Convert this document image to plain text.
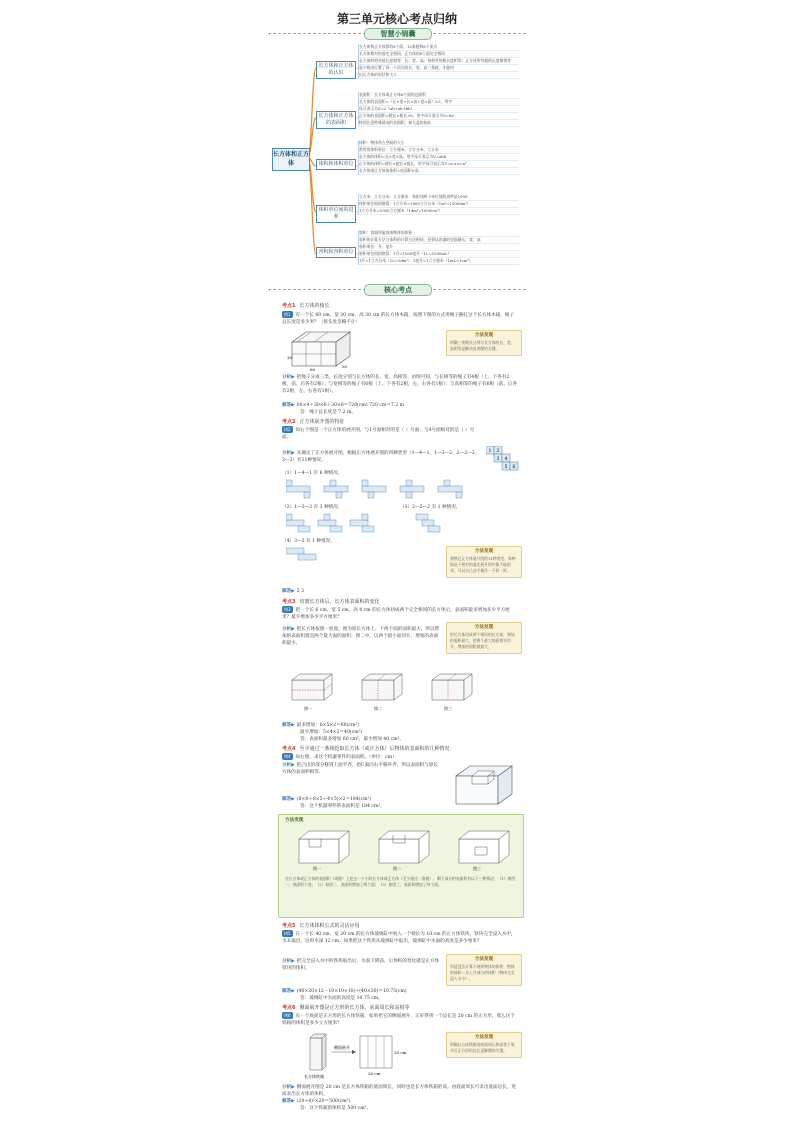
第三单元核心考点归纳
智慧小锦囊
长方体和正方体
长方体和正方体的认识
长方体和正方体都有6个面、12条棱和8个顶点
长方体相对的面完全相同，正方体的6个面完全相同
长方体的相对棱长度相等：长、宽、高。每相对的棱长度相等；正方体所有棱的长度都相等
是少数由位置了同一个顶点的长、宽、高三条棱，才能叫
出长方体的形状和大小
长方体和正方体的表面积
表面积：长方体或正方体6个面的总面积
长方体的表面积=（长×宽+长×高+宽×高）×2，用字
母可表示为S=2（ab+ah+bh）
正方体的表面积=棱长×棱长×6，用字母可表示为S=6a²
特别注意特殊情况的表面积，如无盖的鱼缸
体积和体积单位
体积：物体所占空间的大小
常用的体积单位：立方厘米、立方分米、立方米
长方体的体积=长×宽×高，用字母可表示为V=abh
正方体的体积=棱长×棱长×棱长，用字母可表示为V=a·a·a=a³
长方体或正方体的体积=底面积×高
体积单位间的进率
立方米、立方分米、立方厘米：每相邻两个单位间的进率是1000
体积单位间的换算：1立方米=1000立方分米（1m³=1000dm³）
1立方分米=1000立方厘米（1dm³=1000cm³）
容积和容积单位
容积：容器所能容纳物体的体积
容积的计算方法与体积的计算方法相同，但要从容器的里面量长、宽、高
容积单位：升、毫升
容积单位间的换算：1升=1000毫升（1L=1000mL）
1升=1立方分米（1L=1dm³） 1毫升=1立方厘米（1mL=1cm³）
核心考点
考点1 长方体的棱长
例1 有一个长 60 cm、宽 30 cm、高 30 cm 的长方体木箱，按照下图的方式用绳子捆扎这个长方体木箱，绳子总长度是多少米？（接头处忽略不计）
30
30
60
方法发现
明确三类绳长分别与长方体的长、宽、高相等是解决此类题的关键。
分析▶ 把绳子分成三类，长度分别与长方体的长、宽、高相等。由图可知，与长相等的绳子有4根（上、下各有2根，前、后各有2根）；与宽相等的绳子有6根（上、下各有2根，左、右各有1根）；与高相等的绳子有6根（前、后各有2根，左、右各有1根）。
解答▶ 60×4＋30×6＋30×6＝720(cm) 720 cm＝7.2 m
答：绳子总长度是 7.2 m。
考点2 正方体展开图的特征
例2 如右下图是一个正方体的展开图，与1号面相对的是（ ）号面，与4号面相对的是（ ）号面。
1 2
3 4
5 6
分析▶ 先确定了正方体展开图，根据正方体展开图的四种类型（1—4—1、1—3—2、2—2—2、3—3）有11种情况。
（1）1—4—1 有 6 种情况。
（2）1—3—2 有 3 种情况。	（3）2—2—2 有 1 种情况。
方法发现
要熟记正方体展开图的11种类型，每种情况下相对的面在展开图中都不能相邻，可以自己动手操作一下折一折。
（4）3—3 有 1 种情况。
解答▶ 5 3
考点3 切割长方体后，长方体表面积的变化
例3 把一个长 6 cm，宽 5 cm，高 4 cm 的长方体切成两个完全相同的长方体后，表面积最多增加多少平方厘米？最少增加多少平方厘米？
分析▶ 把长方体按图一放置，图为原长方体上、下两个面的面积最大，所以增加的表面积就是两个最大面的面积；图二中，以两个最小面切开，增加的表面积最少。
方法发现
把长方体切成两个相同的长方体，增加的面积最大，把两个最大的面相对切开，增加的面积就最大。
图一	图二	图三
解答▶ 最多增加：6×5×2＝60(cm²)
最少增加：5×4×2＝40(cm²)
答：表面积最多增加 60 cm²，最少增加 40 cm²。
考点4 至少通过一条棱挖取长方体（或正方体）后物体的表面积的几种情况
例4 如右图，求这个机器零件的表面积。（单位：cm）
分析▶ 把凸出的部分移到上面平齐，把C面向右平移补齐，所以表面积与原长方体的表面积相等。
解答▶ (8×4＋8×5＋4×5)×2＝184(cm²)
答：这个机器零件的表面积是 184 cm²。
方法发现
图一	图二	图三
在长方体或正方体的表面积（或棱）上挖去一个小的长方体或正方体（至少通过一条棱），剩下部分的表面积有以下三种情况：（1）如图一，表面积不变；（2）如图二，表面积增加了两个面；（3）如图三，表面积增加了四个面。
考点5 长方体体积公式的灵活应用
例5 在一个长 40 cm、宽 20 cm 的长方体玻璃缸中放入一个棱长为 10 cm 的正方体铁块，铁块完全浸入水中，水未溢出，这时水深 12 cm。如果把这个铁块从玻璃缸中取出，玻璃缸中水面的高度是多少厘米？
分析▶ 把完全浸入水中的铁块取出后，水面下降前、后体积的变化就是正方体铁块的体积。
方法发现
用浸没法计算不规则物体的体积：物体的体积＝水上升部分的体积（物体完全浸入水中）。
解答▶ (40×20×12－10×10×10)÷(40×20)＝10.75(cm)
答：玻璃缸中水面的高度是 10.75 cm。
考点6 侧面展开图是正方形的长方体，底面周长和高相等
例6 有一个底面是正方形的长方体铁箱，如果把它的侧面展开，正好得到一个边长是 20 cm 的正方形，那么这个铁箱的体积是多少立方厘米？
长方体铁箱
侧面展开
20 cm
20 cm
方法发现
明确长方体铁箱的底面周长和高等于展开后正方形的边长是解题的关键。
分析▶ 侧面展开图是 20 cm 是长方体铁箱的底面周长，同时也是长方体铁箱的高。由底面周长可求出底面边长，进而求出长方体的体积。
解答▶ (20÷4)²×20＝500(cm³)
答：这个铁箱的体积是 500 cm³。
